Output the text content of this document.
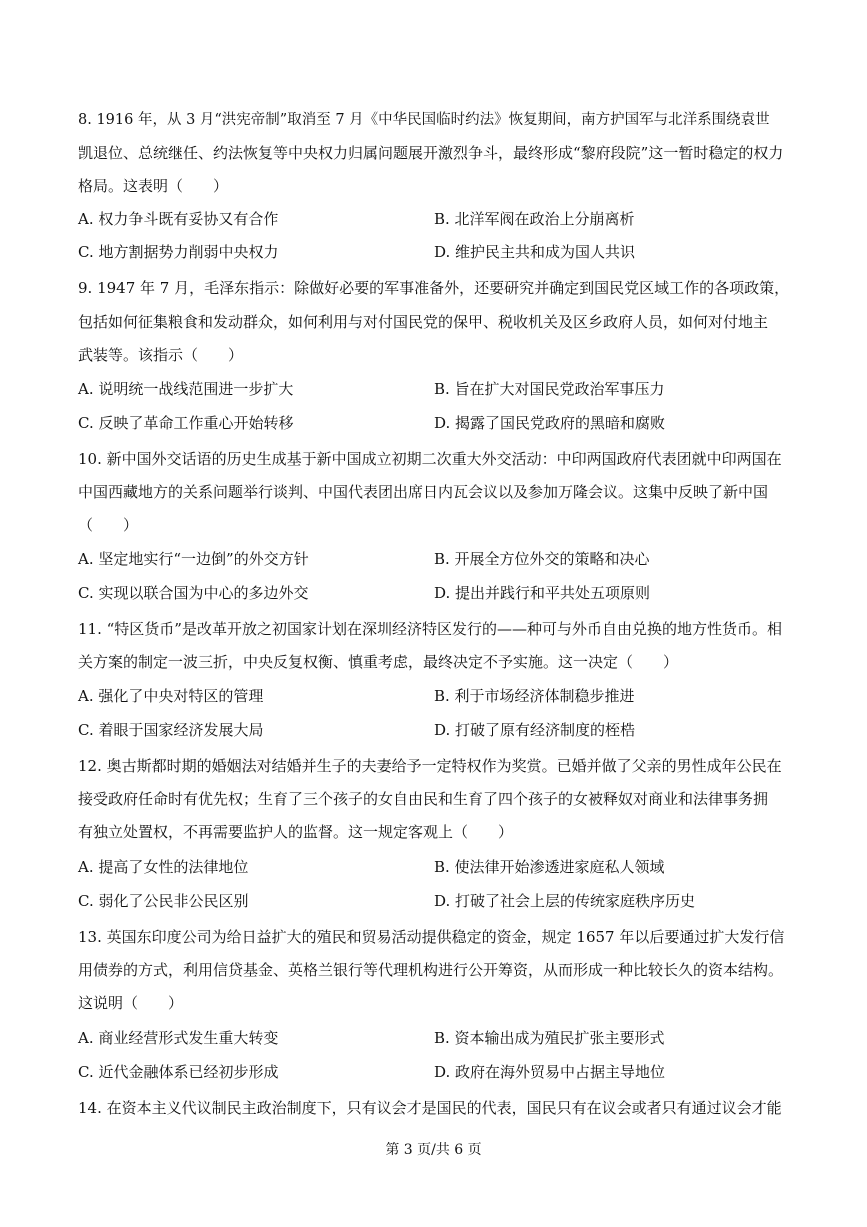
8. 1916 年，从 3 月“洪宪帝制”取消至 7 月《中华民国临时约法》恢复期间，南方护国军与北洋系围绕袁世
凯退位、总统继任、约法恢复等中央权力归属问题展开激烈争斗，最终形成“黎府段院”这一暂时稳定的权力
格局。这表明（　　）
A. 权力争斗既有妥协又有合作	B. 北洋军阀在政治上分崩离析
C. 地方割据势力削弱中央权力	D. 维护民主共和成为国人共识
9. 1947 年 7 月，毛泽东指示：除做好必要的军事准备外，还要研究并确定到国民党区域工作的各项政策，
包括如何征集粮食和发动群众，如何利用与对付国民党的保甲、税收机关及区乡政府人员，如何对付地主
武装等。该指示（　　）
A. 说明统一战线范围进一步扩大	B. 旨在扩大对国民党政治军事压力
C. 反映了革命工作重心开始转移	D. 揭露了国民党政府的黑暗和腐败
10. 新中国外交话语的历史生成基于新中国成立初期二次重大外交活动：中印两国政府代表团就中印两国在
中国西藏地方的关系问题举行谈判、中国代表团出席日内瓦会议以及参加万隆会议。这集中反映了新中国
（　　）
A. 坚定地实行“一边倒”的外交方针	B. 开展全方位外交的策略和决心
C. 实现以联合国为中心的多边外交	D. 提出并践行和平共处五项原则
11. “特区货币”是改革开放之初国家计划在深圳经济特区发行的——种可与外币自由兑换的地方性货币。相
关方案的制定一波三折，中央反复权衡、慎重考虑，最终决定不予实施。这一决定（　　）
A. 强化了中央对特区的管理	B. 利于市场经济体制稳步推进
C. 着眼于国家经济发展大局	D. 打破了原有经济制度的桎梏
12. 奥古斯都时期的婚姻法对结婚并生子的夫妻给予一定特权作为奖赏。已婚并做了父亲的男性成年公民在
接受政府任命时有优先权；生育了三个孩子的女自由民和生育了四个孩子的女被释奴对商业和法律事务拥
有独立处置权，不再需要监护人的监督。这一规定客观上（　　）
A. 提高了女性的法律地位	B. 使法律开始渗透进家庭私人领域
C. 弱化了公民非公民区别	D. 打破了社会上层的传统家庭秩序历史
13. 英国东印度公司为给日益扩大的殖民和贸易活动提供稳定的资金，规定 1657 年以后要通过扩大发行信
用债券的方式，利用信贷基金、英格兰银行等代理机构进行公开筹资，从而形成一种比较长久的资本结构。
这说明（　　）
A. 商业经营形式发生重大转变	B. 资本输出成为殖民扩张主要形式
C. 近代金融体系已经初步形成	D. 政府在海外贸易中占据主导地位
14. 在资本主义代议制民主政治制度下，只有议会才是国民的代表，国民只有在议会或者只有通过议会才能
第 3 页/共 6 页
